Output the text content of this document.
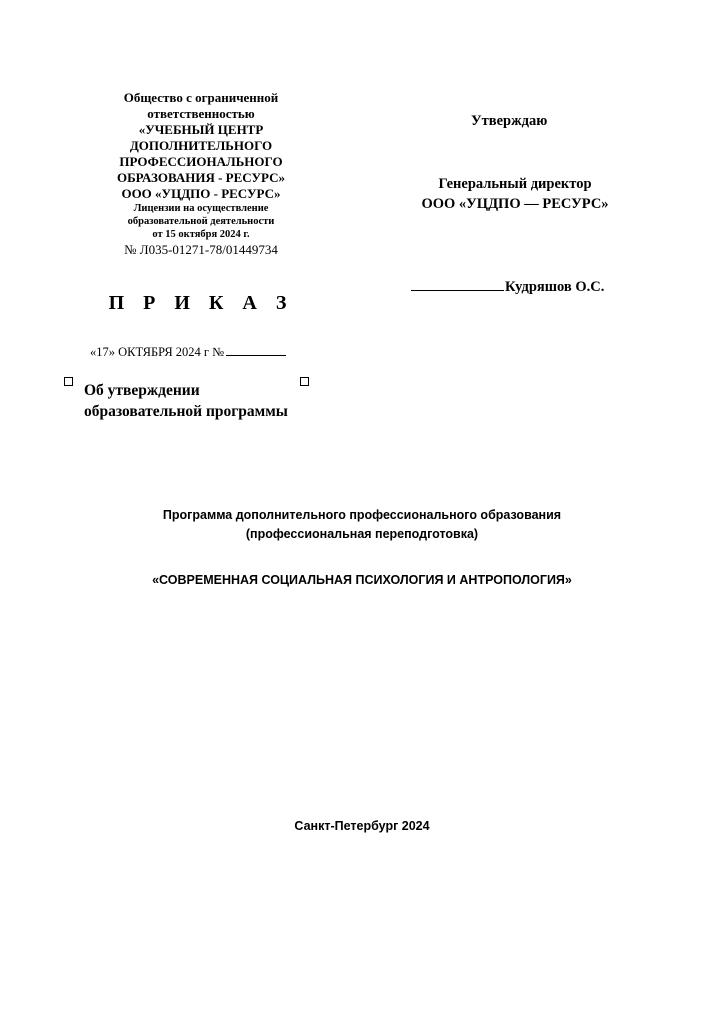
Общество с ограниченной
ответственностью
«УЧЕБНЫЙ ЦЕНТР
ДОПОЛНИТЕЛЬНОГО
ПРОФЕССИОНАЛЬНОГО
ОБРАЗОВАНИЯ - РЕСУРС»
ООО «УЦДПО - РЕСУРС»
Лицензии на осуществление
образовательной деятельности
от 15 октября 2024 г.
№ Л035-01271-78/01449734
П Р И К А З
«17» ОКТЯБРЯ 2024 г №
Об утверждении
образовательной программы
Утверждаю
Генеральный директор
ООО «УЦДПО — РЕСУРС»
Кудряшов О.С.
Программа дополнительного профессионального образования
(профессиональная переподготовка)
«СОВРЕМЕННАЯ СОЦИАЛЬНАЯ ПСИХОЛОГИЯ И АНТРОПОЛОГИЯ»
Санкт-Петербург 2024
